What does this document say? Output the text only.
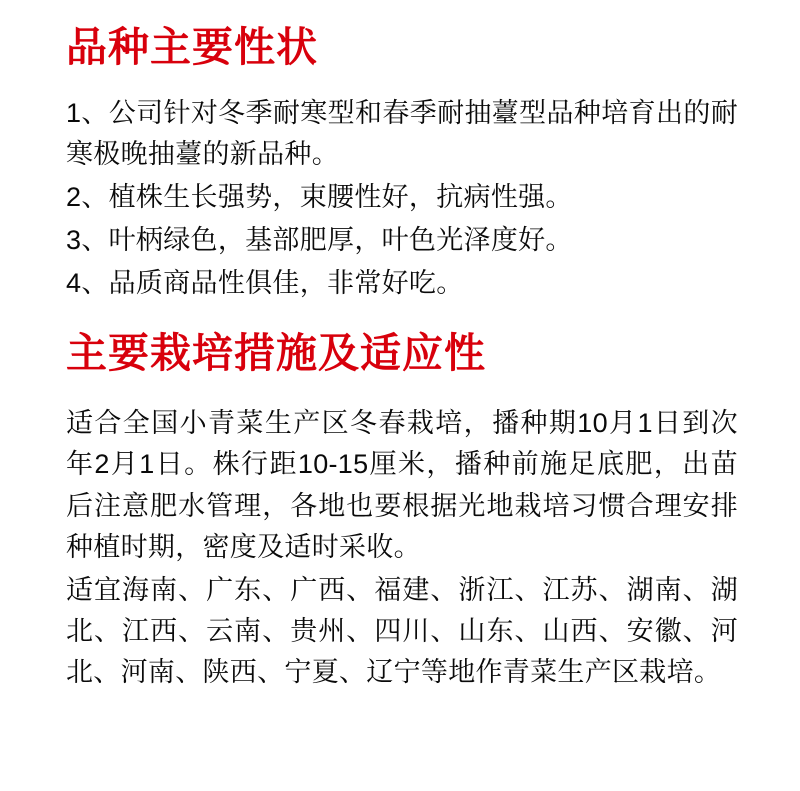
品种主要性状

1、公司针对冬季耐寒型和春季耐抽薹型品种培育出的耐寒极晚抽薹的新品种。

2、植株生长强势，束腰性好，抗病性强。

3、叶柄绿色，基部肥厚，叶色光泽度好。

4、品质商品性俱佳，非常好吃。

主要栽培措施及适应性

适合全国小青菜生产区冬春栽培，播种期10月1日到次年2月1日。株行距10-15厘米，播种前施足底肥，出苗后注意肥水管理，各地也要根据光地栽培习惯合理安排种植时期，密度及适时采收。

适宜海南、广东、广西、福建、浙江、江苏、湖南、湖北、江西、云南、贵州、四川、山东、山西、安徽、河北、河南、陕西、宁夏、辽宁等地作青菜生产区栽培。
